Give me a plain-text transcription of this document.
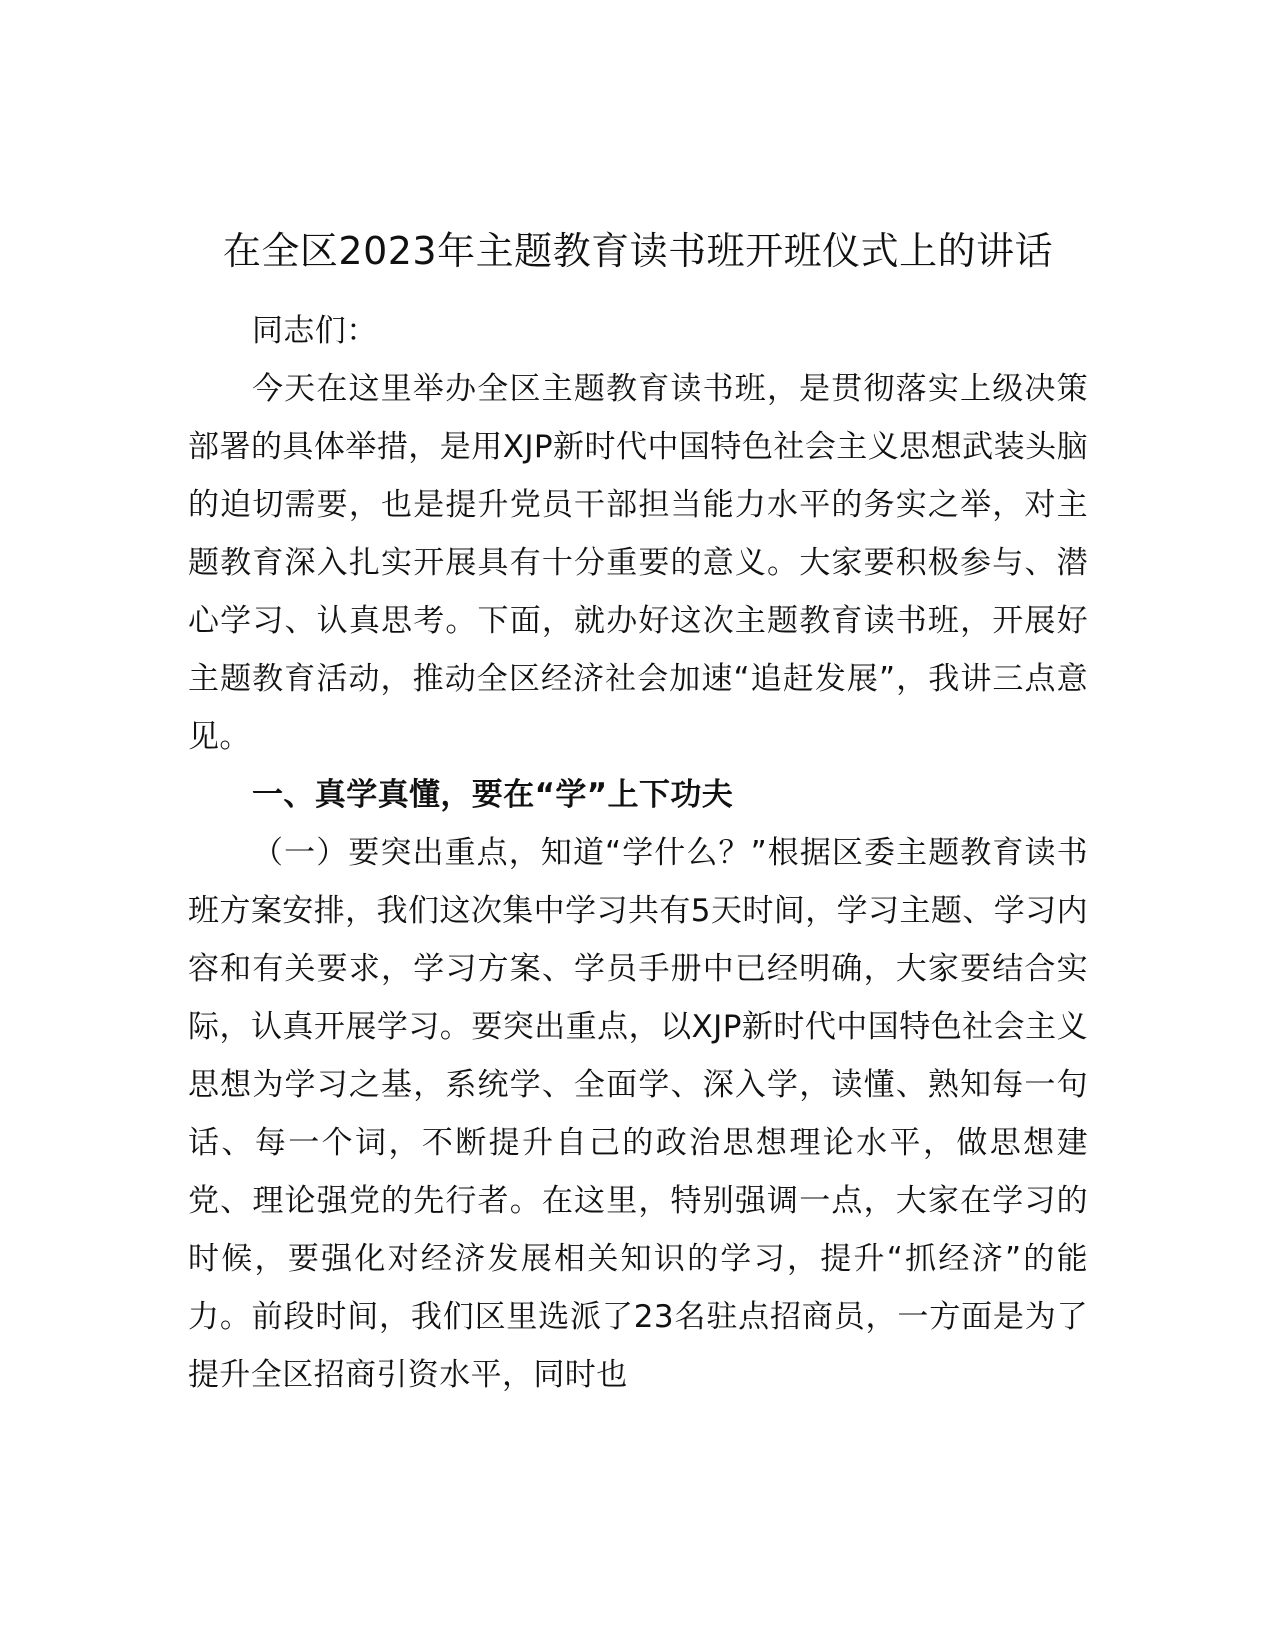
在全区2023年主题教育读书班开班仪式上的讲话

同志们：

今天在这里举办全区主题教育读书班，是贯彻落实上级决策部署的具体举措，是用XJP新时代中国特色社会主义思想武装头脑的迫切需要，也是提升党员干部担当能力水平的务实之举，对主题教育深入扎实开展具有十分重要的意义。大家要积极参与、潜心学习、认真思考。下面，就办好这次主题教育读书班，开展好主题教育活动，推动全区经济社会加速“追赶发展”，我讲三点意见。

一、真学真懂，要在“学”上下功夫

（一）要突出重点，知道“学什么？”根据区委主题教育读书班方案安排，我们这次集中学习共有5天时间，学习主题、学习内容和有关要求，学习方案、学员手册中已经明确，大家要结合实际，认真开展学习。要突出重点，以XJP新时代中国特色社会主义思想为学习之基，系统学、全面学、深入学，读懂、熟知每一句话、每一个词，不断提升自己的政治思想理论水平，做思想建党、理论强党的先行者。在这里，特别强调一点，大家在学习的时候，要强化对经济发展相关知识的学习，提升“抓经济”的能力。前段时间，我们区里选派了23名驻点招商员，一方面是为了提升全区招商引资水平，同时也
